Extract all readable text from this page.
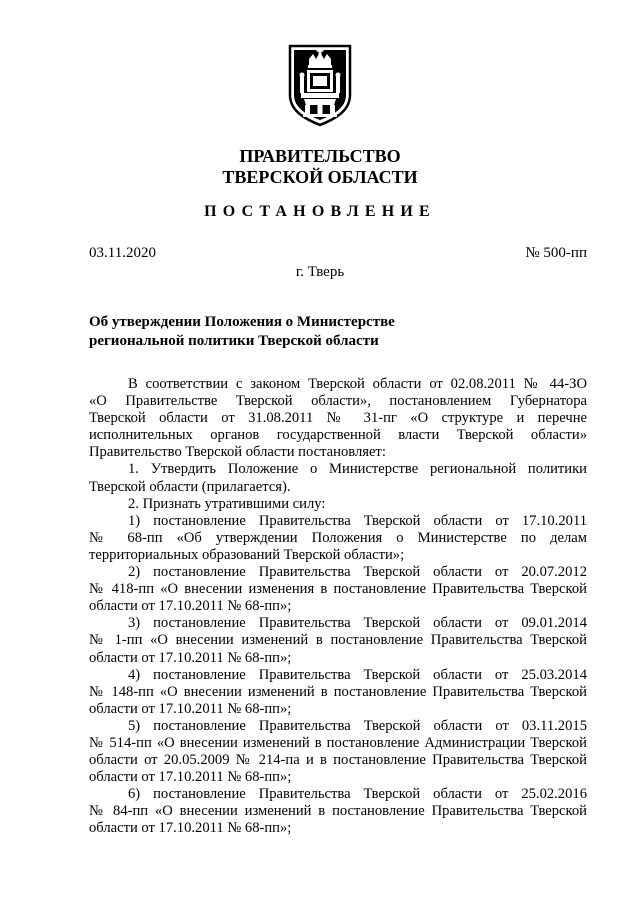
ПРАВИТЕЛЬСТВО
ТВЕРСКОЙ ОБЛАСТИ
ПОСТАНОВЛЕНИЕ
03.11.2020	№ 500-пп
г. Тверь
Об утверждении Положения о Министерстве
региональной политики Тверской области
В соответствии с законом Тверской области от 02.08.2011 № 44-ЗО
«О Правительстве Тверской области», постановлением Губернатора
Тверской области от 31.08.2011 № 31-пг «О структуре и перечне
исполнительных органов государственной власти Тверской области»
Правительство Тверской области постановляет:
1. Утвердить Положение о Министерстве региональной политики
Тверской области (прилагается).
2. Признать утратившими силу:
1) постановление Правительства Тверской области от 17.10.2011
№ 68-пп «Об утверждении Положения о Министерстве по делам
территориальных образований Тверской области»;
2) постановление Правительства Тверской области от 20.07.2012
№ 418-пп «О внесении изменения в постановление Правительства Тверской
области от 17.10.2011 № 68-пп»;
3) постановление Правительства Тверской области от 09.01.2014
№ 1-пп «О внесении изменений в постановление Правительства Тверской
области от 17.10.2011 № 68-пп»;
4) постановление Правительства Тверской области от 25.03.2014
№ 148-пп «О внесении изменений в постановление Правительства Тверской
области от 17.10.2011 № 68-пп»;
5) постановление Правительства Тверской области от 03.11.2015
№ 514-пп «О внесении изменений в постановление Администрации Тверской
области от 20.05.2009 № 214-па и в постановление Правительства Тверской
области от 17.10.2011 № 68-пп»;
6) постановление Правительства Тверской области от 25.02.2016
№ 84-пп «О внесении изменений в постановление Правительства Тверской
области от 17.10.2011 № 68-пп»;
